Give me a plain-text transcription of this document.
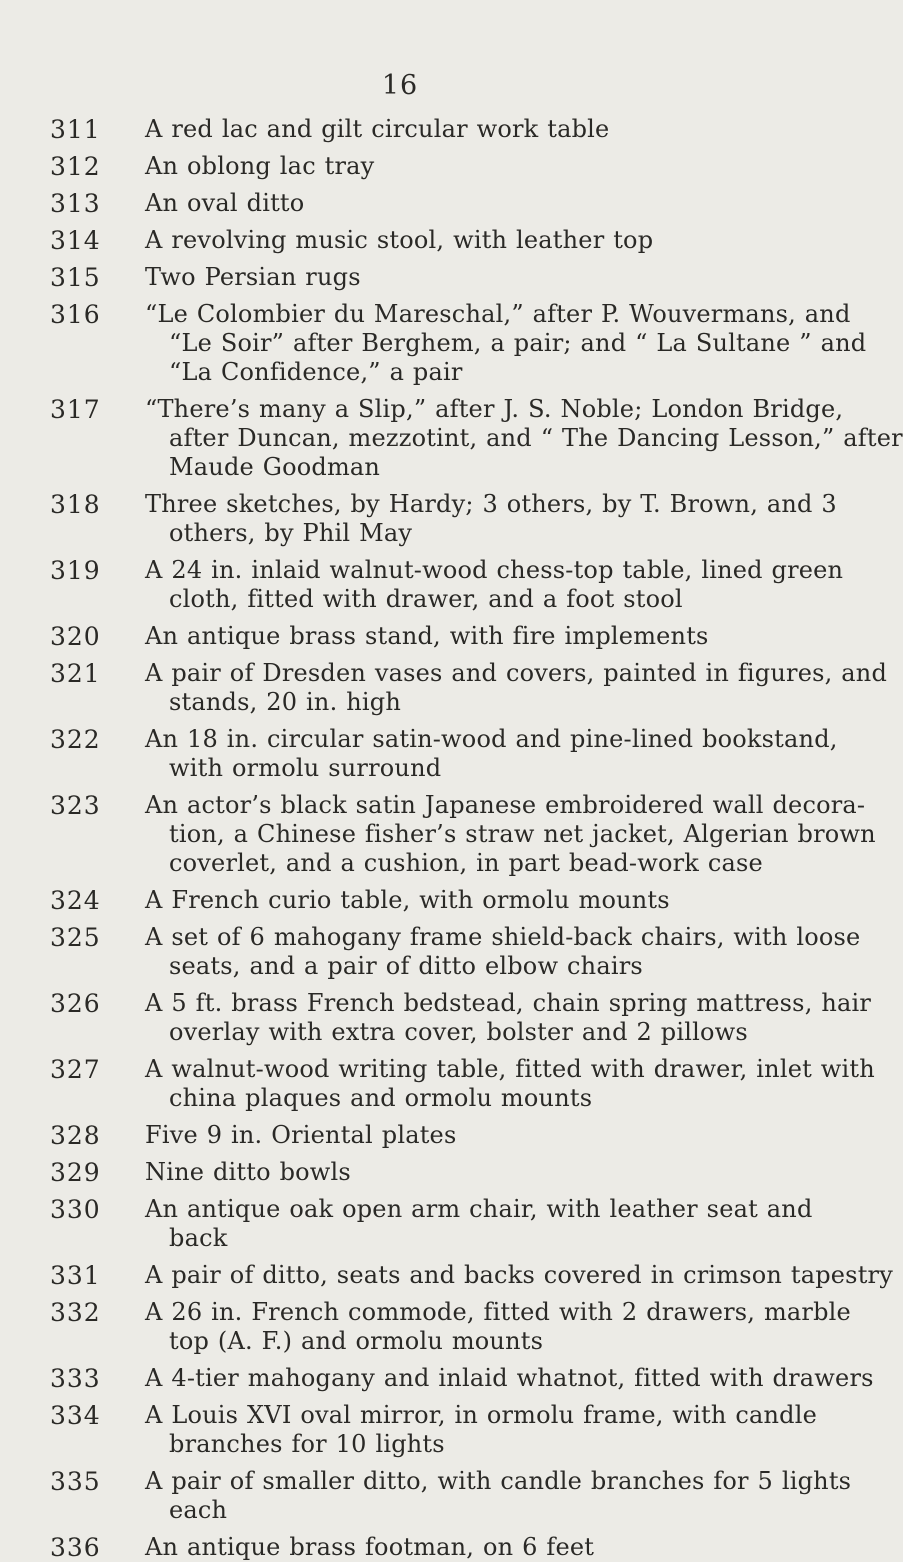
16
311	A red lac and gilt circular work table
312	An oblong lac tray
313	An oval ditto
314	A revolving music stool, with leather top
315	Two Persian rugs
316	“Le Colombier du Mareschal,” after P. Wouvermans, and
“Le Soir” after Berghem, a pair; and “ La Sultane ” and
“La Confidence,” a pair
317	“There’s many a Slip,” after J. S. Noble; London Bridge,
after Duncan, mezzotint, and “ The Dancing Lesson,” after
Maude Goodman
318	Three sketches, by Hardy; 3 others, by T. Brown, and 3
others, by Phil May
319	A 24 in. inlaid walnut-wood chess-top table, lined green
cloth, fitted with drawer, and a foot stool
320	An antique brass stand, with fire implements
321	A pair of Dresden vases and covers, painted in figures, and
stands, 20 in. high
322	An 18 in. circular satin-wood and pine-lined bookstand,
with ormolu surround
323	An actor’s black satin Japanese embroidered wall decora-
tion, a Chinese fisher’s straw net jacket, Algerian brown
coverlet, and a cushion, in part bead-work case
324	A French curio table, with ormolu mounts
325	A set of 6 mahogany frame shield-back chairs, with loose
seats, and a pair of ditto elbow chairs
326	A 5 ft. brass French bedstead, chain spring mattress, hair
overlay with extra cover, bolster and 2 pillows
327	A walnut-wood writing table, fitted with drawer, inlet with
china plaques and ormolu mounts
328	Five 9 in. Oriental plates
329	Nine ditto bowls
330	An antique oak open arm chair, with leather seat and
back
331	A pair of ditto, seats and backs covered in crimson tapestry
332	A 26 in. French commode, fitted with 2 drawers, marble
top (A. F.) and ormolu mounts
333	A 4-tier mahogany and inlaid whatnot, fitted with drawers
334	A Louis XVI oval mirror, in ormolu frame, with candle
branches for 10 lights
335	A pair of smaller ditto, with candle branches for 5 lights
each
336	An antique brass footman, on 6 feet
